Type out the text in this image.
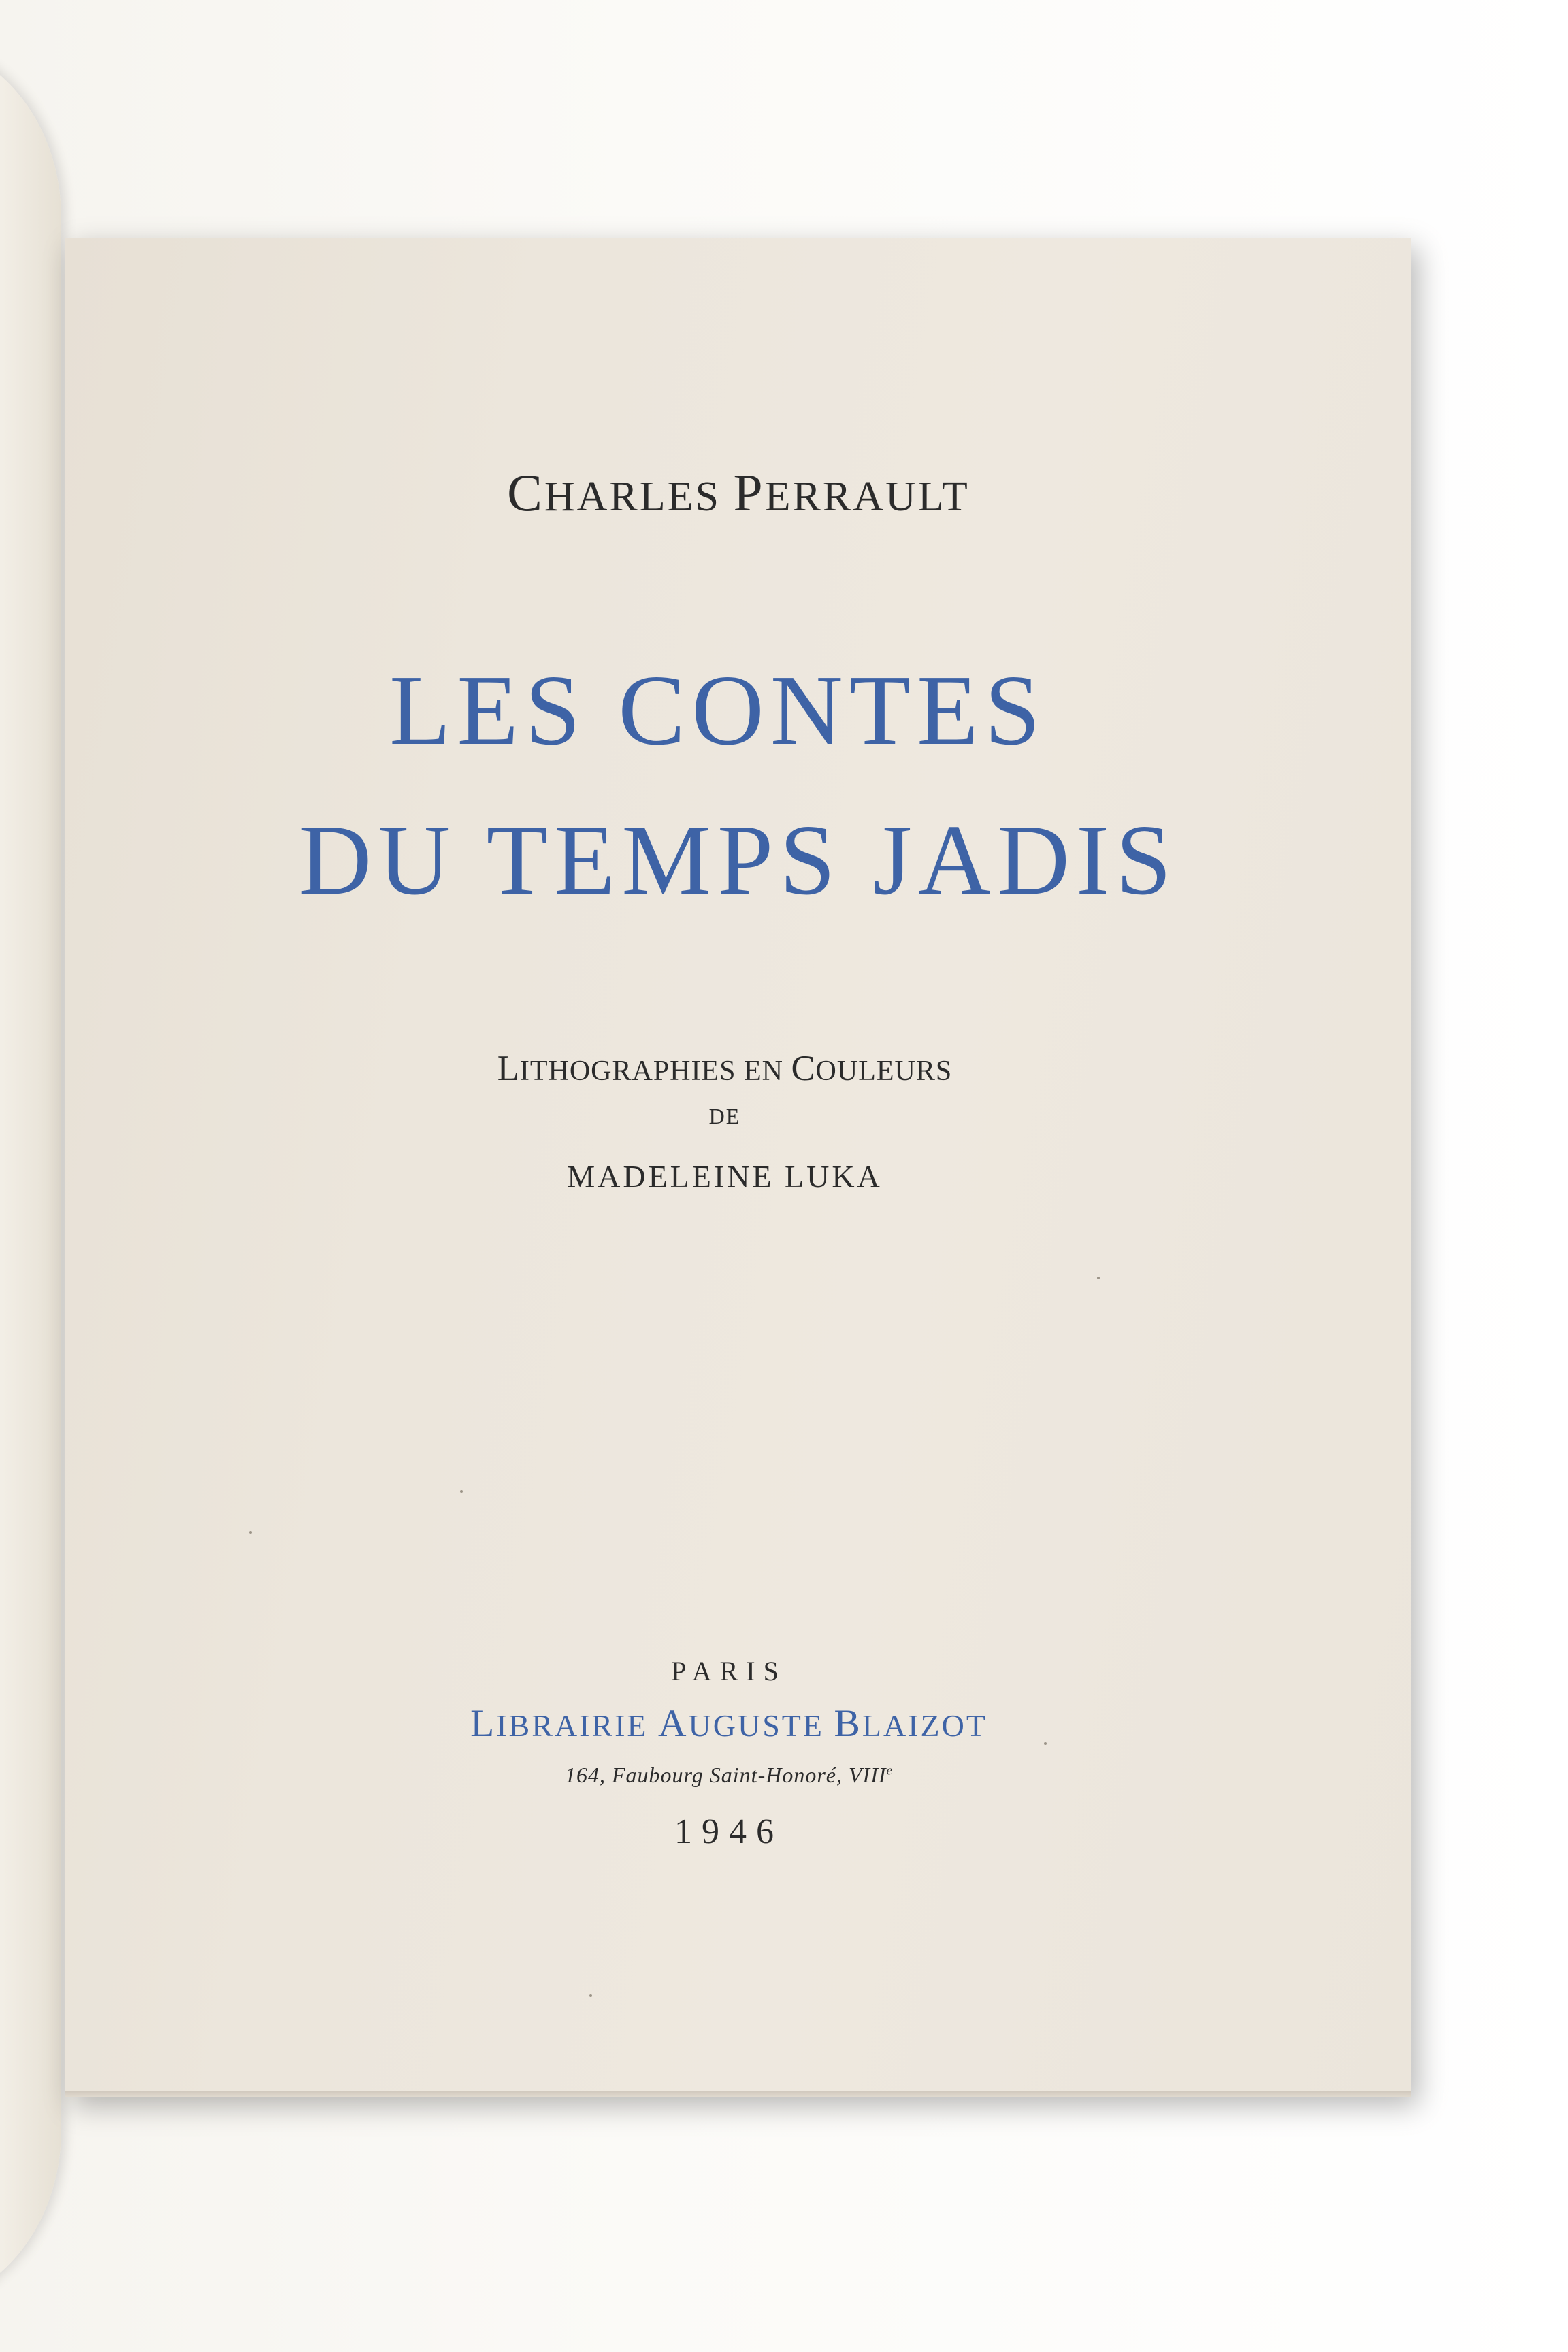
CHARLES PERRAULT
LES CONTES
DU TEMPS JADIS
LITHOGRAPHIES EN COULEURS
DE
MADELEINE LUKA
PARIS
LIBRAIRIE AUGUSTE BLAIZOT
164, Faubourg Saint-Honoré, VIIIe
1946
